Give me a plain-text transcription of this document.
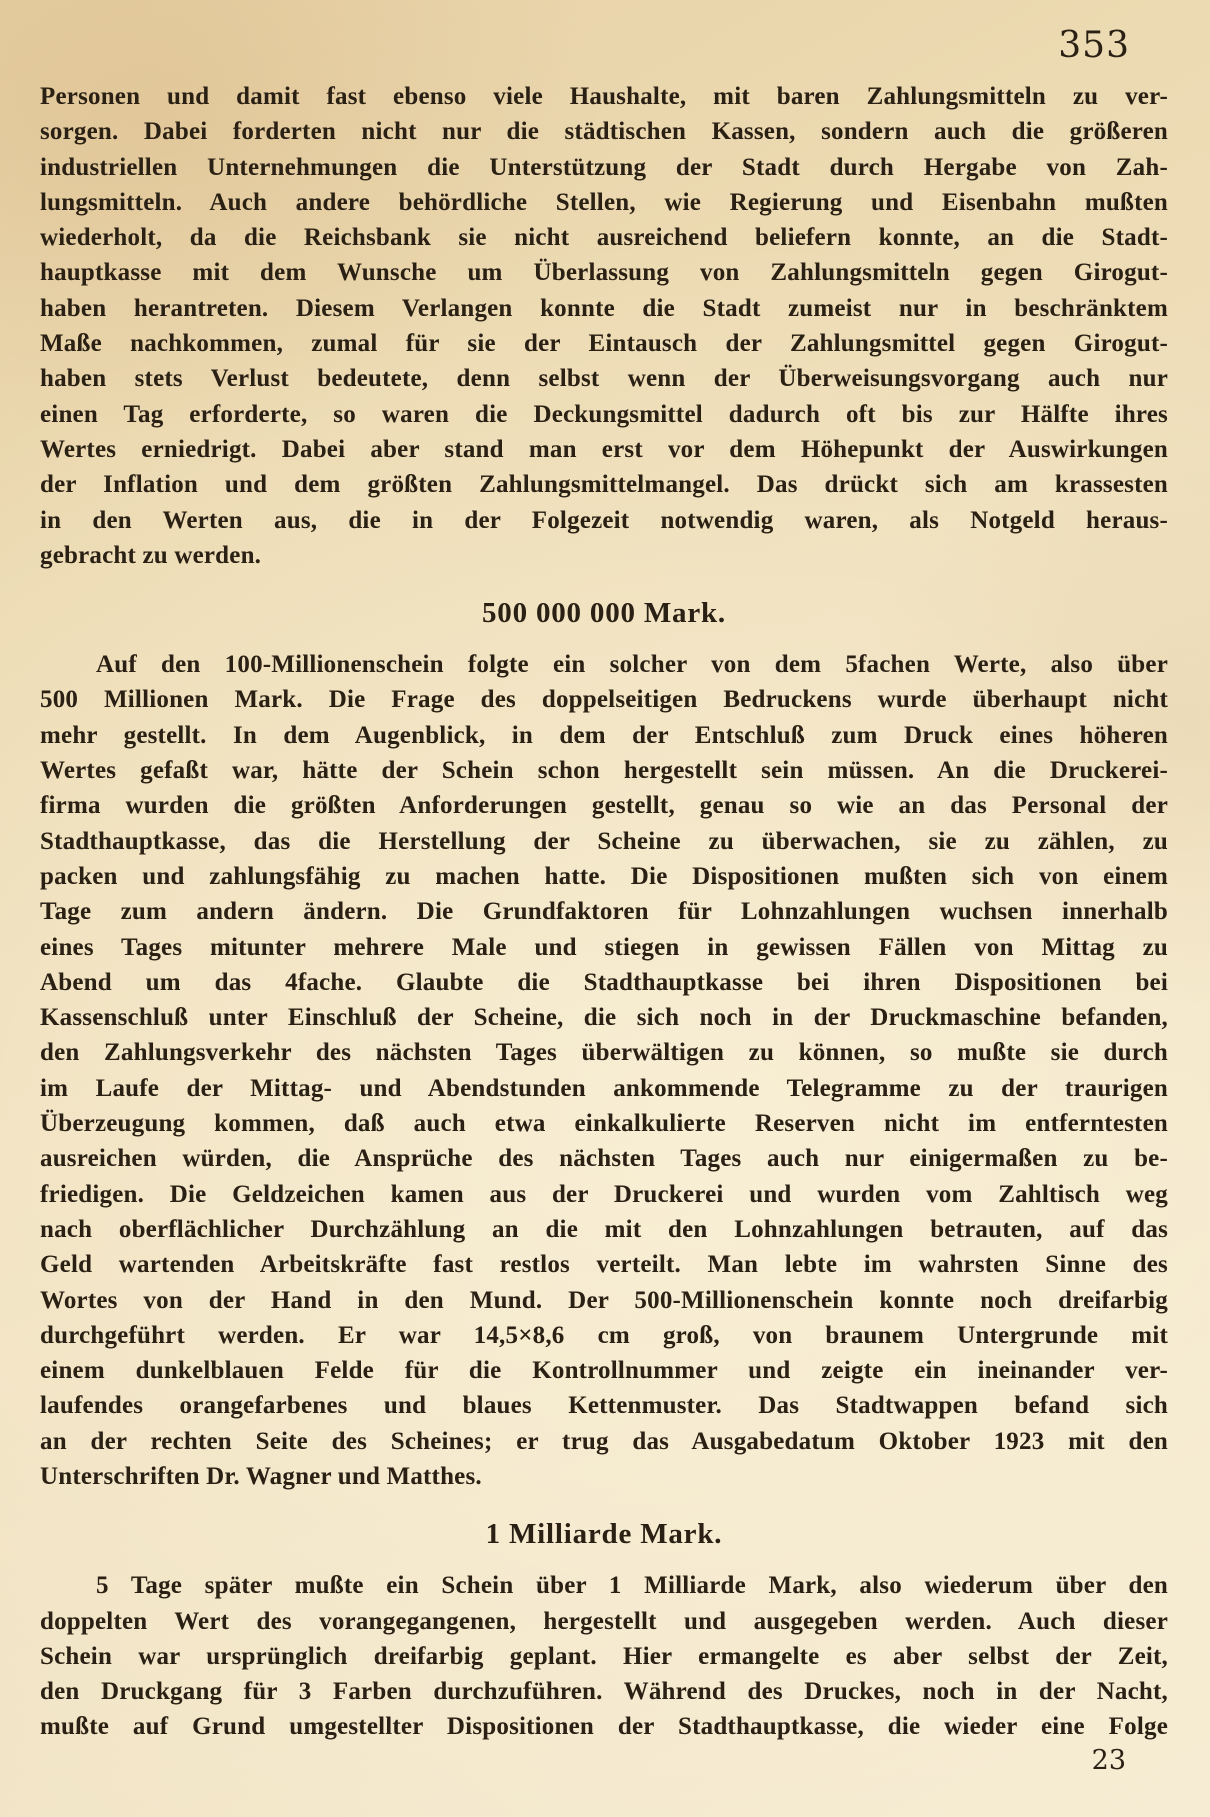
353
Personen und damit fast ebenso viele Haushalte, mit baren Zahlungsmitteln zu ver-
sorgen. Dabei forderten nicht nur die städtischen Kassen, sondern auch die größeren
industriellen Unternehmungen die Unterstützung der Stadt durch Hergabe von Zah-
lungsmitteln. Auch andere behördliche Stellen, wie Regierung und Eisenbahn mußten
wiederholt, da die Reichsbank sie nicht ausreichend beliefern konnte, an die Stadt-
hauptkasse mit dem Wunsche um Überlassung von Zahlungsmitteln gegen Girogut-
haben herantreten. Diesem Verlangen konnte die Stadt zumeist nur in beschränktem
Maße nachkommen, zumal für sie der Eintausch der Zahlungsmittel gegen Girogut-
haben stets Verlust bedeutete, denn selbst wenn der Überweisungsvorgang auch nur
einen Tag erforderte, so waren die Deckungsmittel dadurch oft bis zur Hälfte ihres
Wertes erniedrigt. Dabei aber stand man erst vor dem Höhepunkt der Auswirkungen
der Inflation und dem größten Zahlungsmittelmangel. Das drückt sich am krassesten
in den Werten aus, die in der Folgezeit notwendig waren, als Notgeld heraus-
gebracht zu werden.
500 000 000 Mark.
Auf den 100-Millionenschein folgte ein solcher von dem 5fachen Werte, also über
500 Millionen Mark. Die Frage des doppelseitigen Bedruckens wurde überhaupt nicht
mehr gestellt. In dem Augenblick, in dem der Entschluß zum Druck eines höheren
Wertes gefaßt war, hätte der Schein schon hergestellt sein müssen. An die Druckerei-
firma wurden die größten Anforderungen gestellt, genau so wie an das Personal der
Stadthauptkasse, das die Herstellung der Scheine zu überwachen, sie zu zählen, zu
packen und zahlungsfähig zu machen hatte. Die Dispositionen mußten sich von einem
Tage zum andern ändern. Die Grundfaktoren für Lohnzahlungen wuchsen innerhalb
eines Tages mitunter mehrere Male und stiegen in gewissen Fällen von Mittag zu
Abend um das 4fache. Glaubte die Stadthauptkasse bei ihren Dispositionen bei
Kassenschluß unter Einschluß der Scheine, die sich noch in der Druckmaschine befanden,
den Zahlungsverkehr des nächsten Tages überwältigen zu können, so mußte sie durch
im Laufe der Mittag- und Abendstunden ankommende Telegramme zu der traurigen
Überzeugung kommen, daß auch etwa einkalkulierte Reserven nicht im entferntesten
ausreichen würden, die Ansprüche des nächsten Tages auch nur einigermaßen zu be-
friedigen. Die Geldzeichen kamen aus der Druckerei und wurden vom Zahltisch weg
nach oberflächlicher Durchzählung an die mit den Lohnzahlungen betrauten, auf das
Geld wartenden Arbeitskräfte fast restlos verteilt. Man lebte im wahrsten Sinne des
Wortes von der Hand in den Mund. Der 500-Millionenschein konnte noch dreifarbig
durchgeführt werden. Er war 14,5×8,6 cm groß, von braunem Untergrunde mit
einem dunkelblauen Felde für die Kontrollnummer und zeigte ein ineinander ver-
laufendes orangefarbenes und blaues Kettenmuster. Das Stadtwappen befand sich
an der rechten Seite des Scheines; er trug das Ausgabedatum Oktober 1923 mit den
Unterschriften Dr. Wagner und Matthes.
1 Milliarde Mark.
5 Tage später mußte ein Schein über 1 Milliarde Mark, also wiederum über den
doppelten Wert des vorangegangenen, hergestellt und ausgegeben werden. Auch dieser
Schein war ursprünglich dreifarbig geplant. Hier ermangelte es aber selbst der Zeit,
den Druckgang für 3 Farben durchzuführen. Während des Druckes, noch in der Nacht,
mußte auf Grund umgestellter Dispositionen der Stadthauptkasse, die wieder eine Folge
23
